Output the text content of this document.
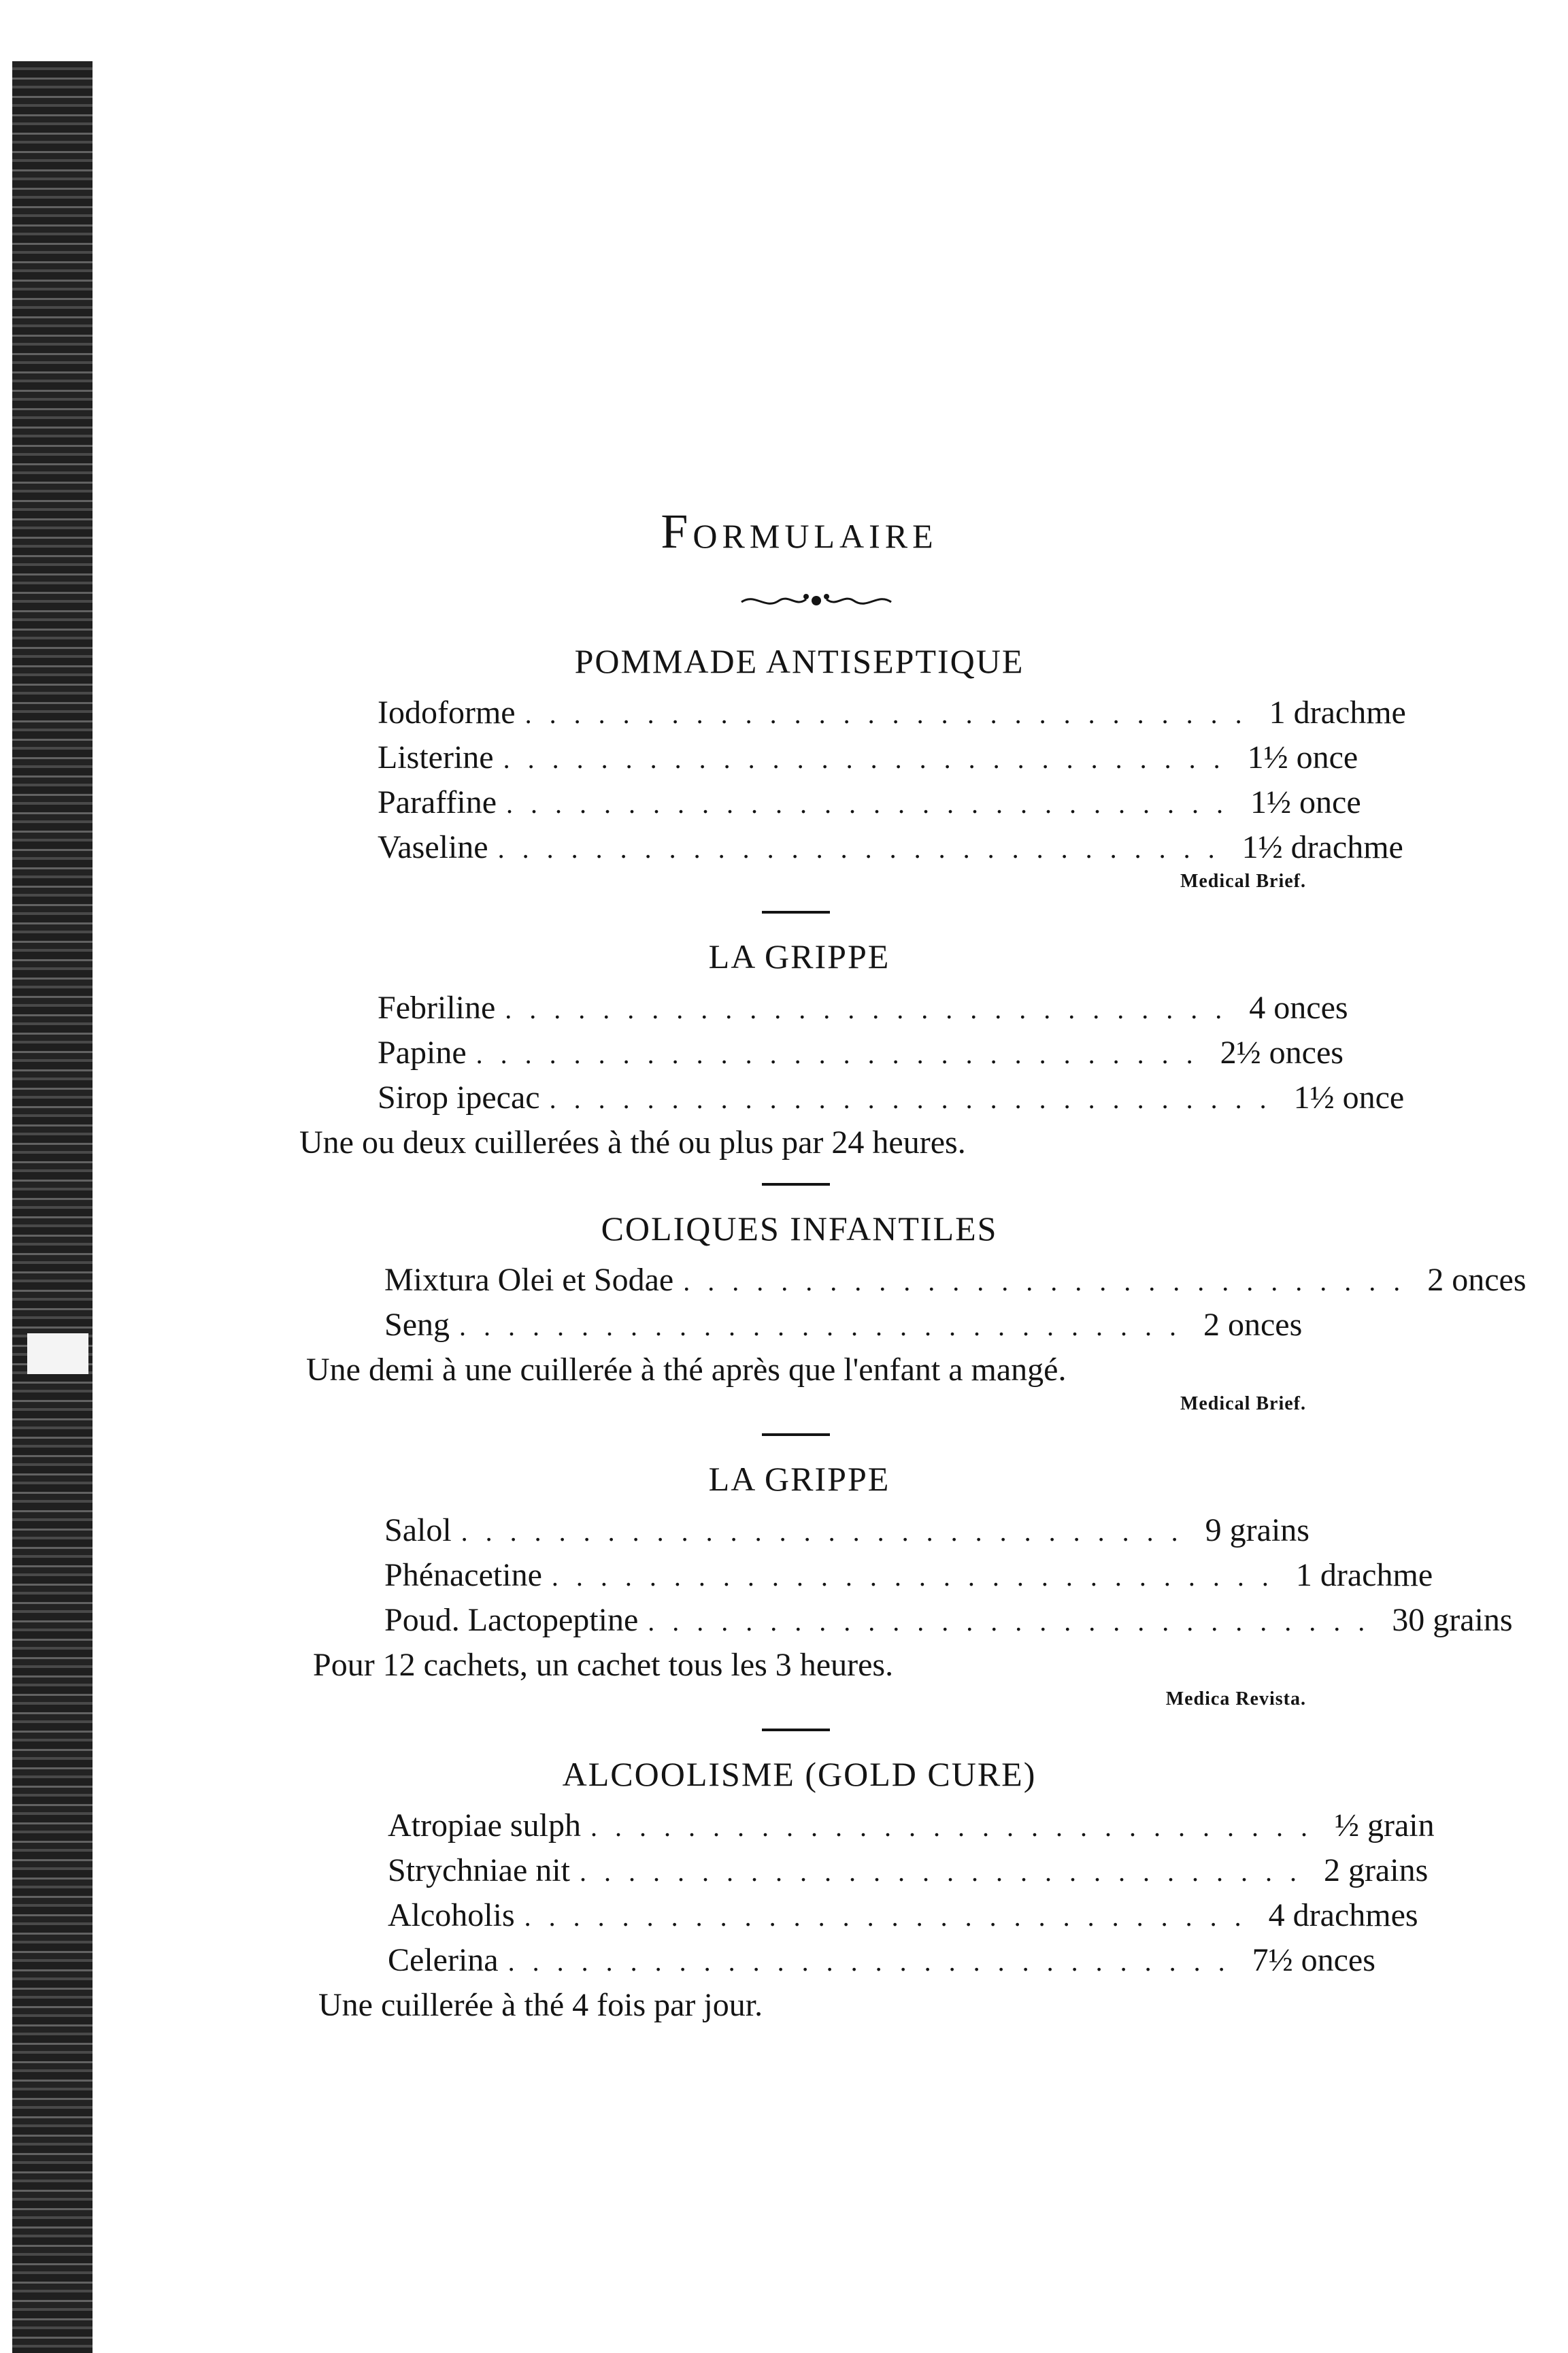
Formulaire
POMMADE ANTISEPTIQUE
Iodoforme .............................. 1 drachme
Listerine .............................. 1½ once
Paraffine .............................. 1½ once
Vaseline .............................. 1½ drachme
Medical Brief.
LA GRIPPE
Febriline .............................. 4 onces
Papine .............................. 2½ onces
Sirop ipecac .............................. 1½ once
Une ou deux cuillerées à thé ou plus par 24 heures.
COLIQUES INFANTILES
Mixtura Olei et Sodae .............................. 2 onces
Seng .............................. 2 onces
Une demi à une cuillerée à thé après que l'enfant a mangé.
Medical Brief.
LA GRIPPE
Salol .............................. 9 grains
Phénacetine .............................. 1 drachme
Poud. Lactopeptine .............................. 30 grains
Pour 12 cachets, un cachet tous les 3 heures.
Medica Revista.
ALCOOLISME (GOLD CURE)
Atropiae sulph .............................. ½ grain
Strychniae nit .............................. 2 grains
Alcoholis .............................. 4 drachmes
Celerina .............................. 7½ onces
Une cuillerée à thé 4 fois par jour.
